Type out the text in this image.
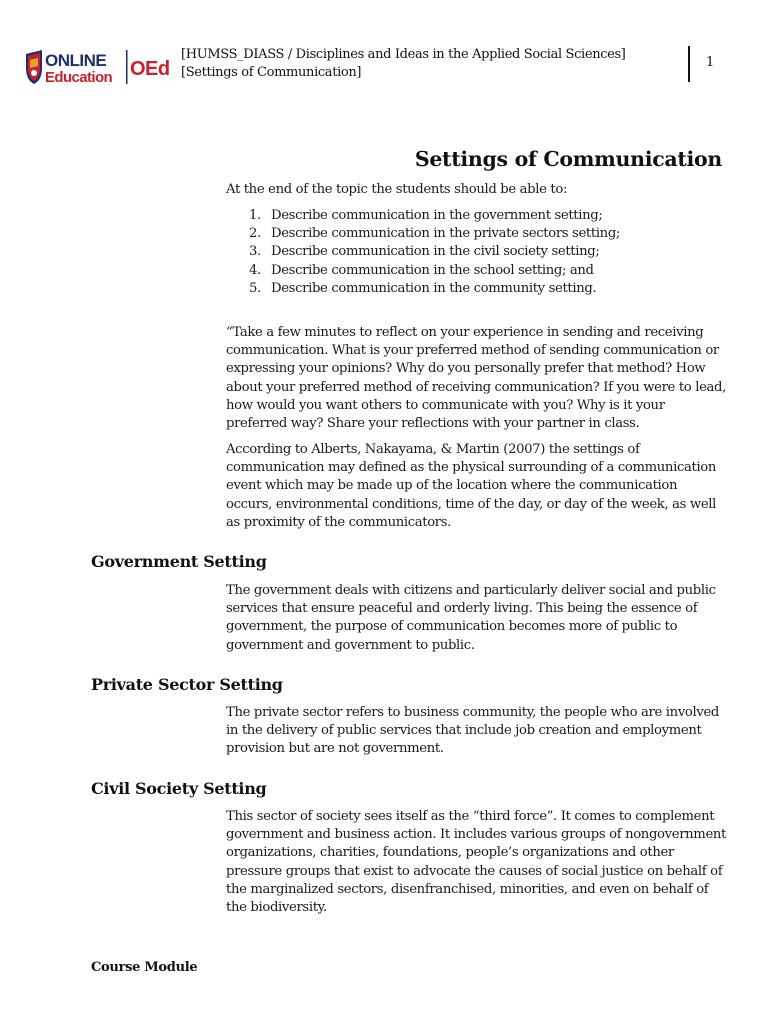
ONLINE
Education OEd
[HUMSS_DIASS / Disciplines and Ideas in the Applied Social Sciences]
[Settings of Communication]
1
Settings of Communication

At the end of the topic the students should be able to:

1. Describe communication in the government setting;
2. Describe communication in the private sectors setting;
3. Describe communication in the civil society setting;
4. Describe communication in the school setting; and
5. Describe communication in the community setting.

“Take a few minutes to reflect on your experience in sending and receiving communication. What is your preferred method of sending communication or expressing your opinions? Why do you personally prefer that method? How about your preferred method of receiving communication? If you were to lead, how would you want others to communicate with you? Why is it your preferred way? Share your reflections with your partner in class.

According to Alberts, Nakayama, & Martin (2007) the settings of communication may defined as the physical surrounding of a communication event which may be made up of the location where the communication occurs, environmental conditions, time of the day, or day of the week, as well as proximity of the communicators.

Government Setting

The government deals with citizens and particularly deliver social and public services that ensure peaceful and orderly living. This being the essence of government, the purpose of communication becomes more of public to government and government to public.

Private Sector Setting

The private sector refers to business community, the people who are involved in the delivery of public services that include job creation and employment provision but are not government.

Civil Society Setting

This sector of society sees itself as the “third force”. It comes to complement government and business action. It includes various groups of nongovernment organizations, charities, foundations, people’s organizations and other pressure groups that exist to advocate the causes of social justice on behalf of the marginalized sectors, disenfranchised, minorities, and even on behalf of the biodiversity.

Course Module
